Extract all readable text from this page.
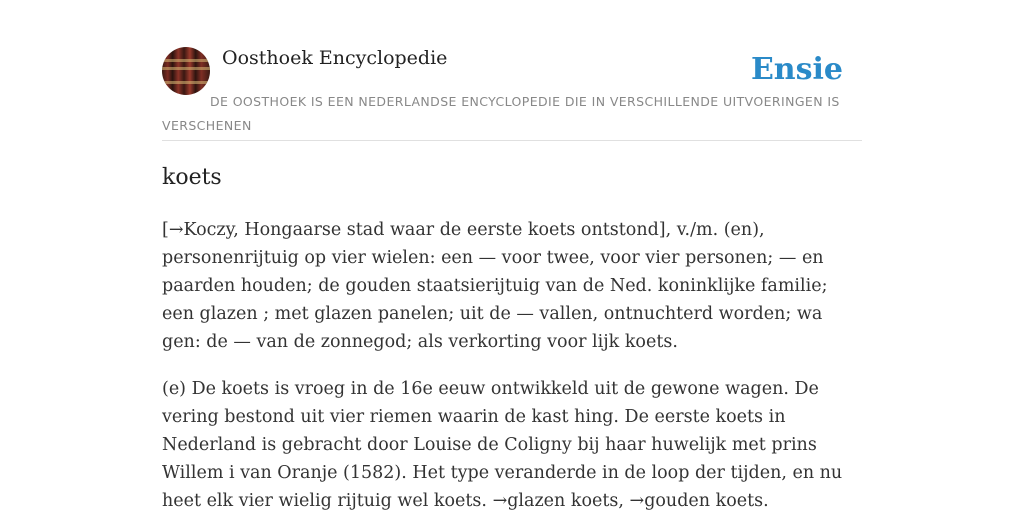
Oosthoek Encyclopedie	Ensie
DE OOSTHOEK IS EEN NEDERLANDSE ENCYCLOPEDIE DIE IN VERSCHILLENDE UITVOERINGEN IS VERSCHENEN
koets

[→Koczy, Hongaarse stad waar de eerste koets ontstond], v./m. (en), personenrijtuig op vier wielen: een — voor twee, voor vier personen; — en paarden houden; de gouden staatsierijtuig van de Ned. koninklijke familie; een glazen ; met glazen panelen; uit de — vallen, ontnuchterd worden; wa gen: de — van de zonnegod; als verkorting voor lijk koets.

(e) De koets is vroeg in de 16e eeuw ontwikkeld uit de gewone wagen. De vering bestond uit vier riemen waarin de kast hing. De eerste koets in Nederland is gebracht door Louise de Coligny bij haar huwelijk met prins Willem i van Oranje (1582). Het type veranderde in de loop der tijden, en nu heet elk vier wielig rijtuig wel koets. →glazen koets, →gouden koets.
